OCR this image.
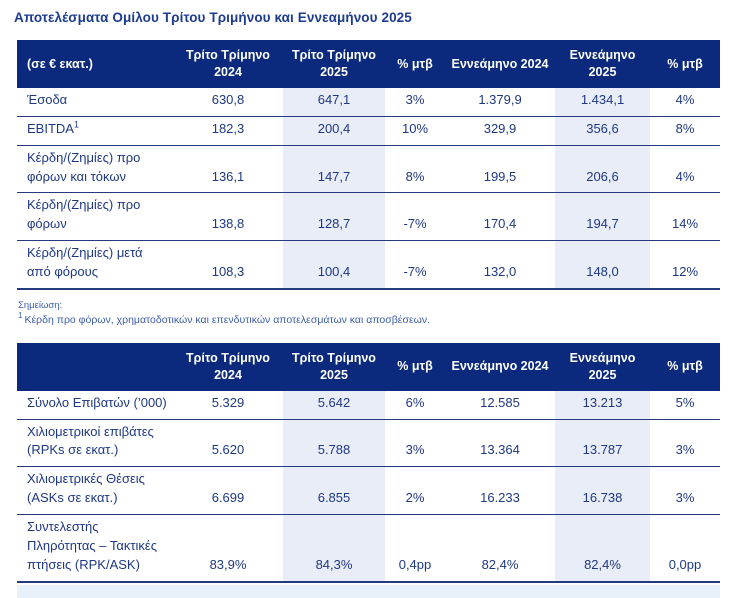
Αποτελέσματα Ομίλου Τρίτου Τριμήνου και Εννεαμήνου 2025
(σε € εκατ.)	Τρίτο Τρίμηνο 2024	Τρίτο Τρίμηνο 2025	% μτβ	Εννεάμηνο 2024	Εννεάμηνο 2025	% μτβ
Έσοδα	630,8	647,1	3%	1.379,9	1.434,1	4%
EBITDA$^1$	182,3	200,4	10%	329,9	356,6	8%
Κέρδη/(Ζημίες) προ φόρων και τόκων	136,1	147,7	8%	199,5	206,6	4%
Κέρδη/(Ζημίες) προ φόρων	138,8	128,7	-7%	170,4	194,7	14%
Κέρδη/(Ζημίες) μετά από φόρους	108,3	100,4	-7%	132,0	148,0	12%
Σημείωση:
$^1$ Κέρδη προ φόρων, χρηματοδοτικών και επενδυτικών αποτελεσμάτων και αποσβέσεων.
	Τρίτο Τρίμηνο 2024	Τρίτο Τρίμηνο 2025	% μτβ	Εννεάμηνο 2024	Εννεάμηνο 2025	% μτβ
Σύνολο Επιβατών (’000)	5.329	5.642	6%	12.585	13.213	5%
Χιλιομετρικοί επιβάτες (RPKs σε εκατ.)	5.620	5.788	3%	13.364	13.787	3%
Χιλιομετρικές Θέσεις (ASKs σε εκατ.)	6.699	6.855	2%	16.233	16.738	3%
Συντελεστής Πληρότητας – Τακτικές πτήσεις (RPK/ASK)	83,9%	84,3%	0,4pp	82,4%	82,4%	0,0pp
